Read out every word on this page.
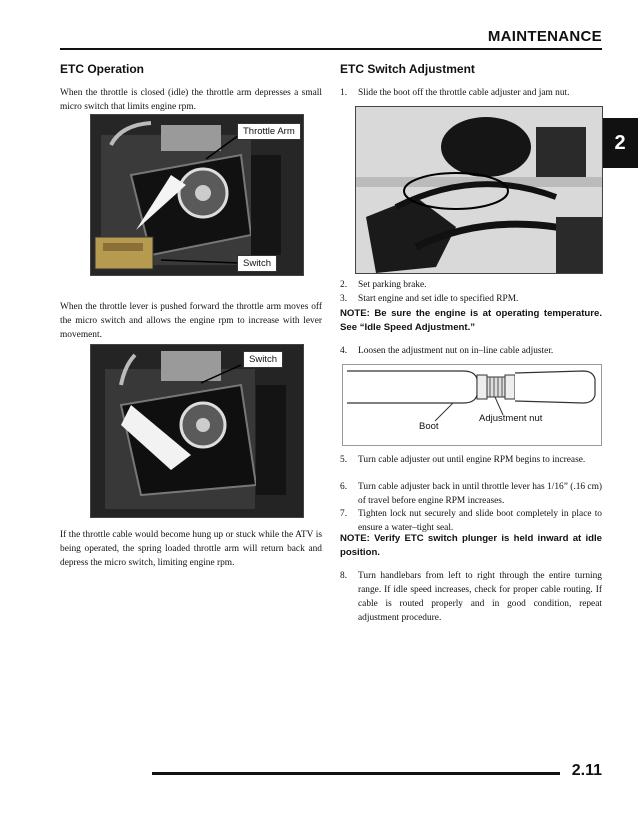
MAINTENANCE
2
ETC Operation
When the throttle is closed (idle) the throttle arm depresses a small micro switch that limits engine rpm.
Throttle Arm
Switch
When the throttle lever is pushed forward the throttle arm moves off the micro switch and allows the engine rpm to increase with lever movement.
Switch
If the throttle cable would become hung up or stuck while the ATV is being operated, the spring loaded throttle arm will return back and depress the micro switch, limiting engine rpm.
ETC Switch Adjustment
1. Slide the boot off the throttle cable adjuster and jam nut.
2. Set parking brake.
3. Start engine and set idle to specified RPM.
NOTE: Be sure the engine is at operating temperature. See “Idle Speed Adjustment.”
4. Loosen the adjustment nut on in–line cable adjuster.
Boot
Adjustment nut
5. Turn cable adjuster out until engine RPM begins to increase.
6. Turn cable adjuster back in until throttle lever has 1/16” (.16 cm) of travel before engine RPM increases.
7. Tighten lock nut securely and slide boot completely in place to ensure a water–tight seal.
NOTE: Verify ETC switch plunger is held inward at idle position.
8. Turn handlebars from left to right through the entire turning range. If idle speed increases, check for proper cable routing. If cable is routed properly and in good condition, repeat adjustment procedure.
2.11
